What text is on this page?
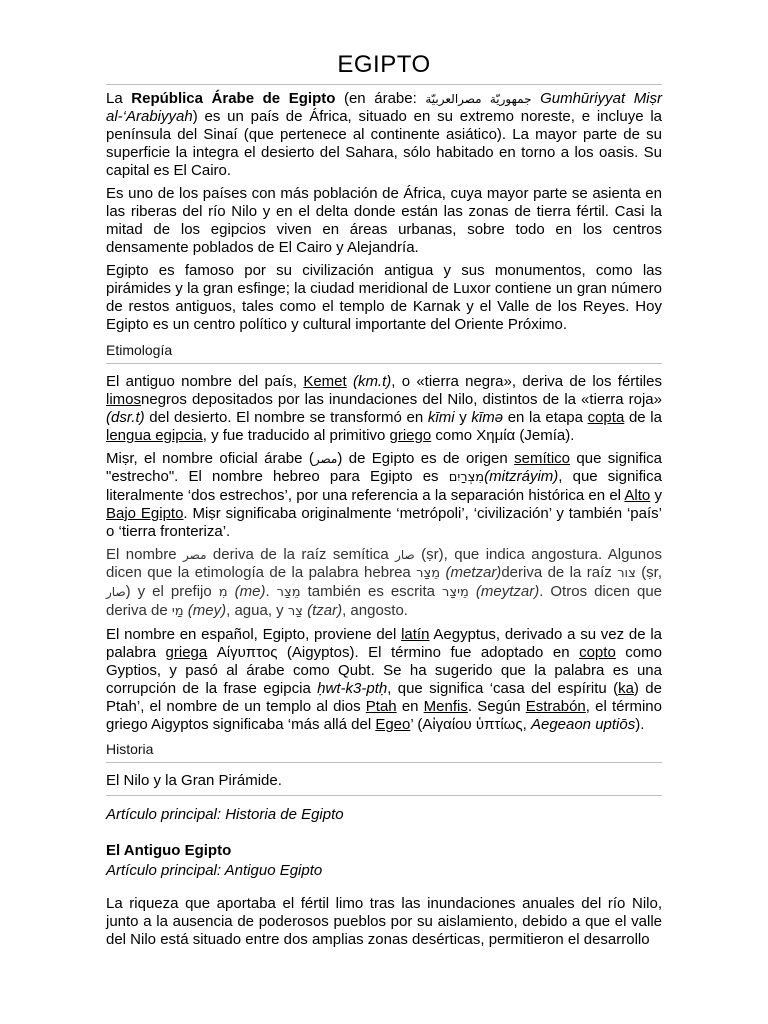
EGIPTO

La República Árabe de Egipto (en árabe: جمهوريّة مصرالعربيّة Gumhūriyyat Miṣr al-‘Arabiyyah) es un país de África, situado en su extremo noreste, e incluye la península del Sinaí (que pertenece al continente asiático). La mayor parte de su superficie la integra el desierto del Sahara, sólo habitado en torno a los oasis. Su capital es El Cairo.

Es uno de los países con más población de África, cuya mayor parte se asienta en las riberas del río Nilo y en el delta donde están las zonas de tierra fértil. Casi la mitad de los egipcios viven en áreas urbanas, sobre todo en los centros densamente poblados de El Cairo y Alejandría.

Egipto es famoso por su civilización antigua y sus monumentos, como las pirámides y la gran esfinge; la ciudad meridional de Luxor contiene un gran número de restos antiguos, tales como el templo de Karnak y el Valle de los Reyes. Hoy Egipto es un centro político y cultural importante del Oriente Próximo.

Etimología

El antiguo nombre del país, Kemet (km.t), o «tierra negra», deriva de los fértiles limosnegros depositados por las inundaciones del Nilo, distintos de la «tierra roja» (dsr.t) del desierto. El nombre se transformó en kīmi y kīmə en la etapa copta de la lengua egipcia, y fue traducido al primitivo griego como Χημία (Jemía).

Miṣr, el nombre oficial árabe (مصر) de Egipto es de origen semítico que significa "estrecho". El nombre hebreo para Egipto es מִצְרַיִם(mitzráyim), que significa literalmente ‘dos estrechos’, por una referencia a la separación histórica en el Alto y Bajo Egipto. Miṣr significaba originalmente ‘metrópoli’, ‘civilización’ y también ‘país’ o ‘tierra fronteriza’.

El nombre مصر deriva de la raíz semítica صار (ṣr), que indica angostura. Algunos dicen que la etimología de la palabra hebrea מֵצַר (metzar)deriva de la raíz צור (ṣr, صار) y el prefijo מִ (me). מֵצַר también es escrita מֵיצַר (meytzar). Otros dicen que deriva de מַי (mey), agua, y צַר (tzar), angosto.

El nombre en español, Egipto, proviene del latín Aegyptus, derivado a su vez de la palabra griega Αίγυπτος (Aigyptos). El término fue adoptado en copto como Gyptios, y pasó al árabe como Qubt. Se ha sugerido que la palabra es una corrupción de la frase egipcia ḥwt-k3-ptḥ, que significa ‘casa del espíritu (ka) de Ptah’, el nombre de un templo al dios Ptah en Menfis. Según Estrabón, el término griego Aigyptos significaba ‘más allá del Egeo’ (Αἰγαίου ὑπτίως, Aegeaon uptiōs).

Historia
El Nilo y la Gran Pirámide.
Artículo principal: Historia de Egipto
El Antiguo Egipto
Artículo principal: Antiguo Egipto

La riqueza que aportaba el fértil limo tras las inundaciones anuales del río Nilo, junto a la ausencia de poderosos pueblos por su aislamiento, debido a que el valle del Nilo está situado entre dos amplias zonas desérticas, permitieron el desarrollo
